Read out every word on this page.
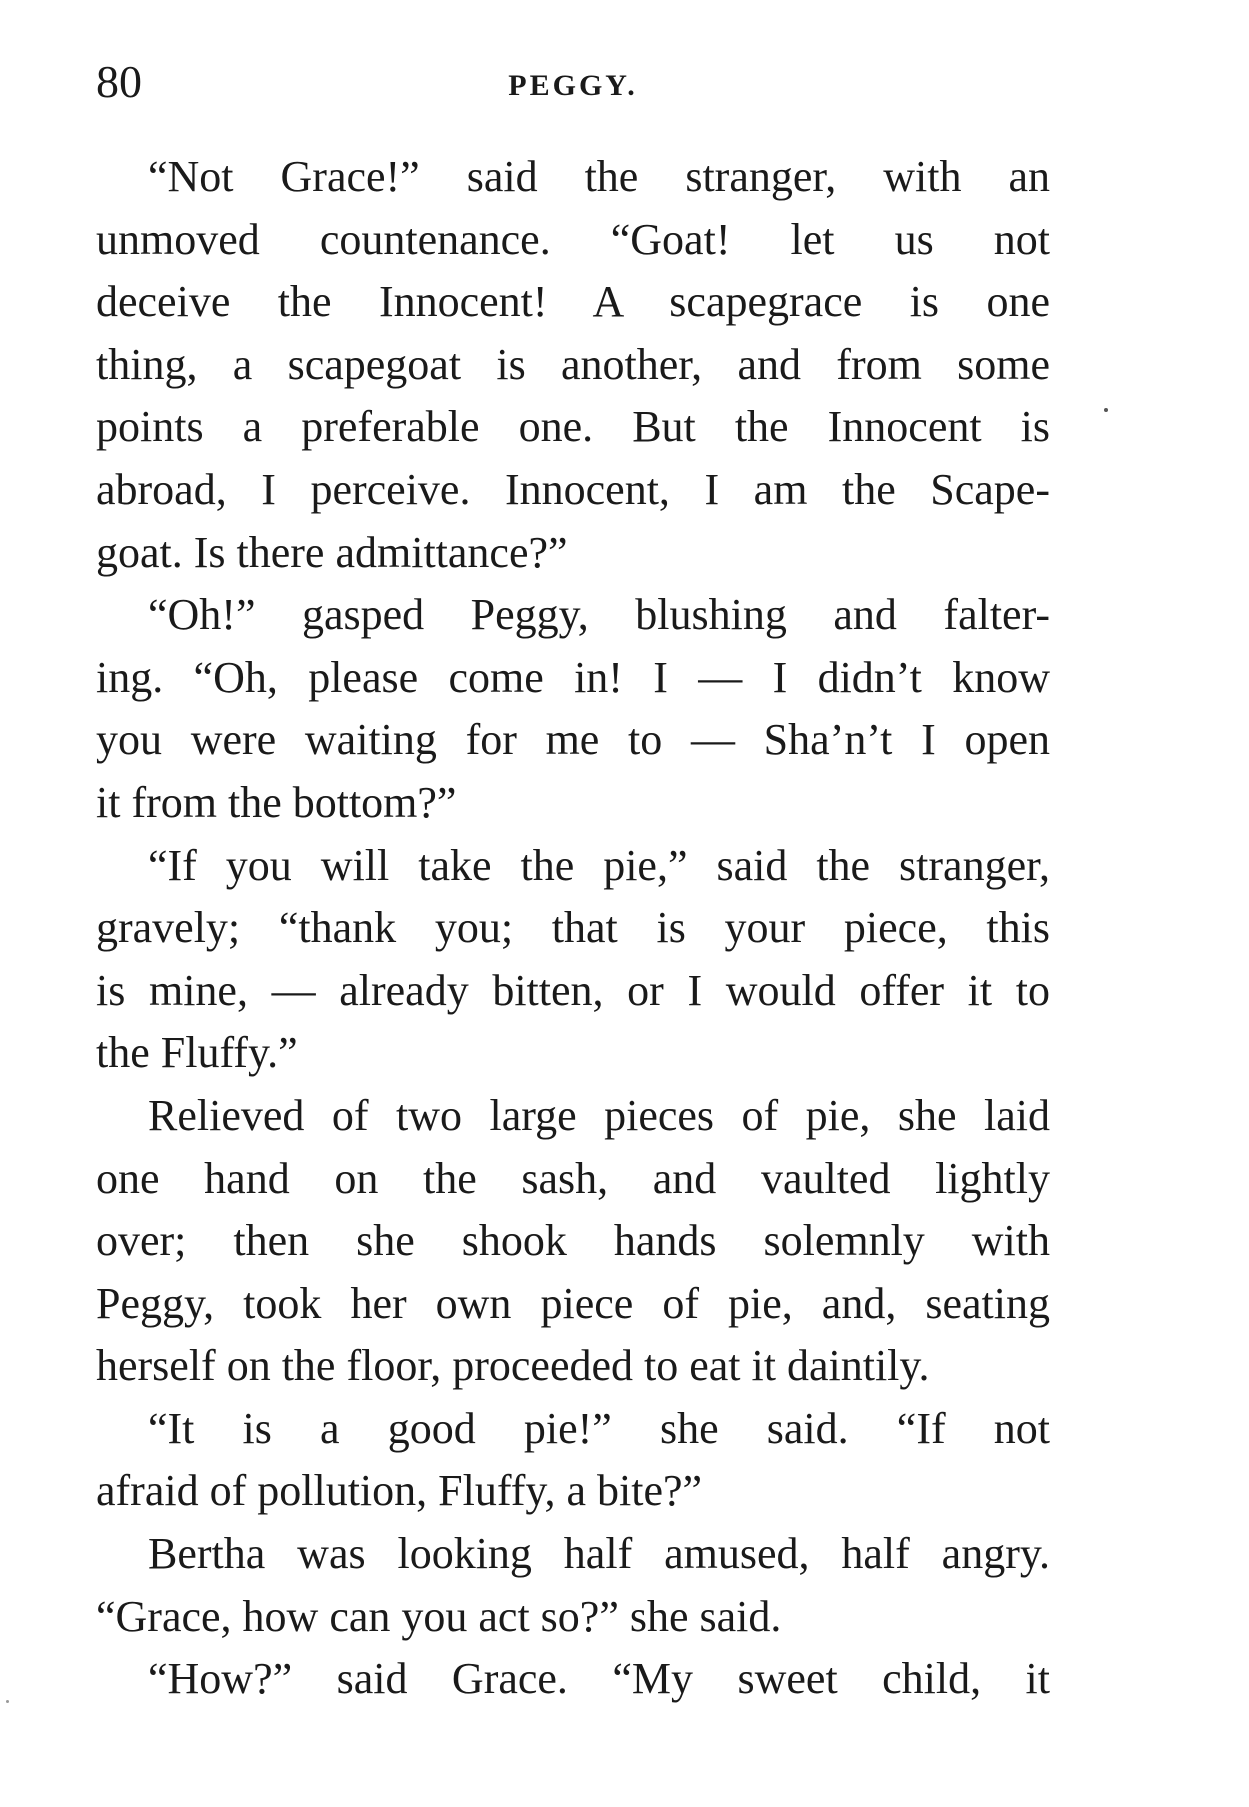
80	PEGGY.
“Not Grace!” said the stranger, with an
unmoved countenance. “Goat! let us not
deceive the Innocent! A scapegrace is one
thing, a scapegoat is another, and from some
points a preferable one. But the Innocent is
abroad, I perceive. Innocent, I am the Scape-
goat. Is there admittance?”
“Oh!” gasped Peggy, blushing and falter-
ing. “Oh, please come in! I — I didn’t know
you were waiting for me to — Sha’n’t I open
it from the bottom?”
“If you will take the pie,” said the stranger,
gravely; “thank you; that is your piece, this
is mine, — already bitten, or I would offer it to
the Fluffy.”
Relieved of two large pieces of pie, she laid
one hand on the sash, and vaulted lightly
over; then she shook hands solemnly with
Peggy, took her own piece of pie, and, seating
herself on the floor, proceeded to eat it daintily.
“It is a good pie!” she said. “If not
afraid of pollution, Fluffy, a bite?”
Bertha was looking half amused, half angry.
“Grace, how can you act so?” she said.
“How?” said Grace. “My sweet child, it
